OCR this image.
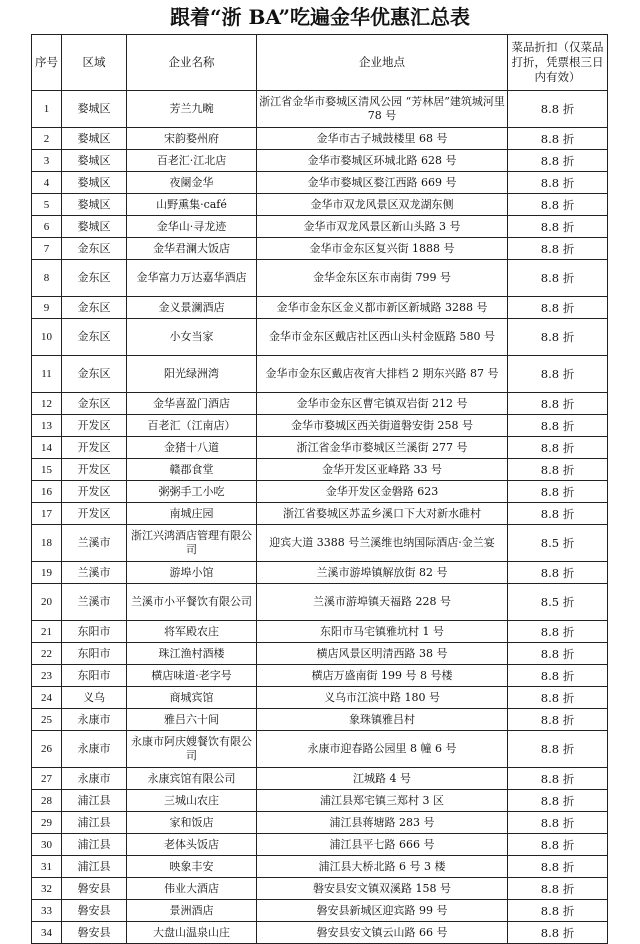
跟着“浙 BA”吃遍金华优惠汇总表
序号	区域	企业名称	企业地点	菜品折扣（仅菜品打折，凭票根三日内有效）

1	婺城区	芳兰九畹	浙江省金华市婺城区清风公园 “芳林居”建筑城河里 78 号	8.8 折
2	婺城区	宋韵婺州府	金华市古子城鼓楼里 68 号	8.8 折
3	婺城区	百老汇·江北店	金华市婺城区环城北路 628 号	8.8 折
4	婺城区	夜阑金华	金华市婺城区婺江西路 669 号	8.8 折
5	婺城区	山野熏集·café	金华市双龙风景区双龙湖东侧	8.8 折
6	婺城区	金华山·寻龙迹	金华市双龙风景区新山头路 3 号	8.8 折
7	金东区	金华君澜大饭店	金华市金东区复兴街 1888 号	8.8 折
8	金东区	金华富力万达嘉华酒店	金华金东区东市南街 799 号	8.8 折
9	金东区	金义景澜酒店	金华市金东区金义都市新区新城路 3288 号	8.8 折
10	金东区	小女当家	金华市金东区戴店社区西山头村金瓯路 580 号	8.8 折
11	金东区	阳光绿洲湾	金华市金东区戴店夜宵大排档 2 期东兴路 87 号	8.8 折
12	金东区	金华喜盈门酒店	金华市金东区曹宅镇双岩街 212 号	8.8 折
13	开发区	百老汇（江南店）	金华市婺城区西关街道磐安街 258 号	8.8 折
14	开发区	金猪十八道	浙江省金华市婺城区兰溪街 277 号	8.8 折
15	开发区	赣郡食堂	金华开发区亚峰路 33 号	8.8 折
16	开发区	粥粥手工小吃	金华开发区金磐路 623	8.8 折
17	开发区	南城庄园	浙江省婺城区苏孟乡溪口下大对新水碓村	8.8 折
18	兰溪市	浙江兴鸿酒店管理有限公司	迎宾大道 3388 号兰溪维也纳国际酒店·金兰宴	8.5 折
19	兰溪市	游埠小馆	兰溪市游埠镇解放街 82 号	8.8 折
20	兰溪市	兰溪市小平餐饮有限公司	兰溪市游埠镇天福路 228 号	8.5 折
21	东阳市	将军殿农庄	东阳市马宅镇雅坑村 1 号	8.8 折
22	东阳市	珠江渔村酒楼	横店风景区明清西路 38 号	8.8 折
23	东阳市	横店味道·老字号	横店万盛南街 199 号 8 号楼	8.8 折
24	义乌	商城宾馆	义乌市江滨中路 180 号	8.8 折
25	永康市	雅吕六十间	象珠镇雅吕村	8.8 折
26	永康市	永康市阿庆嫂餐饮有限公司	永康市迎春路公园里 8 幢 6 号	8.8 折
27	永康市	永康宾馆有限公司	江城路 4 号	8.8 折
28	浦江县	三城山农庄	浦江县郑宅镇三郑村 3 区	8.8 折
29	浦江县	家和饭店	浦江县蒋塘路 283 号	8.8 折
30	浦江县	老体头饭店	浦江县平七路 666 号	8.8 折
31	浦江县	映象丰安	浦江县大桥北路 6 号 3 楼	8.8 折
32	磐安县	伟业大酒店	磐安县安文镇双溪路 158 号	8.8 折
33	磐安县	景洲酒店	磐安县新城区迎宾路 99 号	8.8 折
34	磐安县	大盘山温泉山庄	磐安县安文镇云山路 66 号	8.8 折
